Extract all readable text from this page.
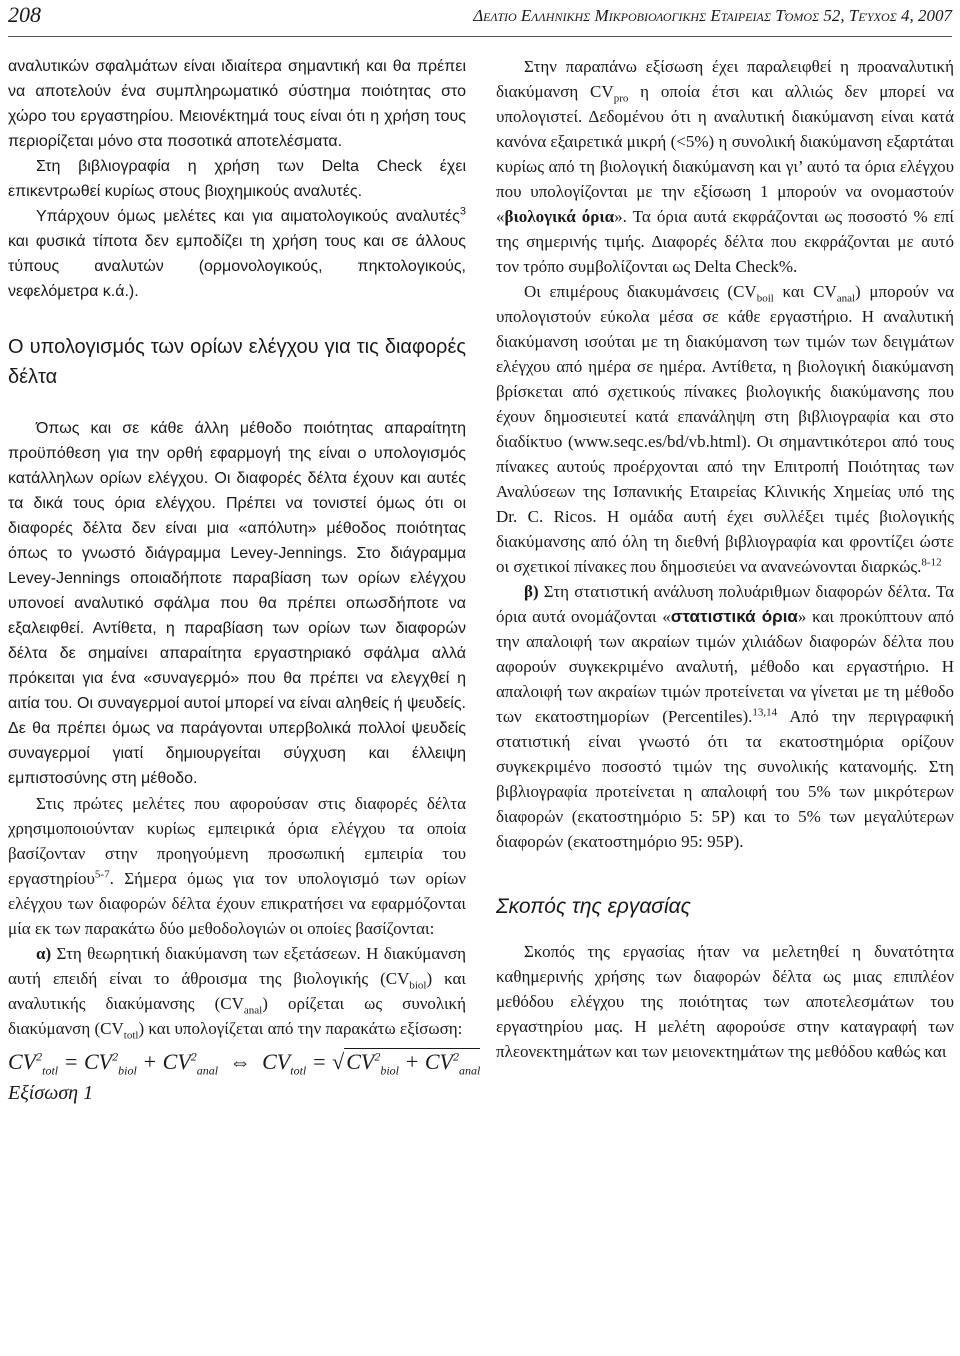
208	Δελτιο Ελληνικης Μικροβιολογικης Εταιρειας Τόμος 52, Τεύχος 4, 2007

αναλυτικών σφαλμάτων είναι ιδιαίτερα σημαντική και θα πρέπει να αποτελούν ένα συμπληρωματικό σύστημα ποιότητας στο χώρο του εργαστηρίου. Μειονέκτημά τους είναι ότι η χρήση τους περιορίζεται μόνο στα ποσοτικά αποτελέσματα.

Στη βιβλιογραφία η χρήση των Delta Check έχει επικεντρωθεί κυρίως στους βιοχημικούς αναλυτές.

Υπάρχουν όμως μελέτες και για αιματολογικούς αναλυτές$^3$ και φυσικά τίποτα δεν εμποδίζει τη χρήση τους και σε άλλους τύπους αναλυτών (ορμονολογικούς, πηκτολογικούς, νεφελόμετρα κ.ά.).

Ο υπολογισμός των ορίων ελέγχου για τις διαφορές δέλτα

Όπως και σε κάθε άλλη μέθοδο ποιότητας απαραίτητη προϋπόθεση για την ορθή εφαρμογή της είναι ο υπολογισμός κατάλληλων ορίων ελέγχου. Οι διαφορές δέλτα έχουν και αυτές τα δικά τους όρια ελέγχου. Πρέπει να τονιστεί όμως ότι οι διαφορές δέλτα δεν είναι μια «απόλυτη» μέθοδος ποιότητας όπως το γνωστό διάγραμμα Levey-Jennings. Στο διάγραμμα Levey-Jennings οποιαδήποτε παραβίαση των ορίων ελέγχου υπονοεί αναλυτικό σφάλμα που θα πρέπει οπωσδήποτε να εξαλειφθεί. Αντίθετα, η παραβίαση των ορίων των διαφορών δέλτα δε σημαίνει απαραίτητα εργαστηριακό σφάλμα αλλά πρόκειται για ένα «συναγερμό» που θα πρέπει να ελεγχθεί η αιτία του. Οι συναγερμοί αυτοί μπορεί να είναι αληθείς ή ψευδείς. Δε θα πρέπει όμως να παράγονται υπερβολικά πολλοί ψευδείς συναγερμοί γιατί δημιουργείται σύγχυση και έλλειψη εμπιστοσύνης στη μέθοδο.

Στις πρώτες μελέτες που αφορούσαν στις διαφορές δέλτα χρησιμοποιούνταν κυρίως εμπειρικά όρια ελέγχου τα οποία βασίζονταν στην προηγούμενη προσωπική εμπειρία του εργαστηρίου$^{5-7}$. Σήμερα όμως για τον υπολογισμό των ορίων ελέγχου των διαφορών δέλτα έχουν επικρατήσει να εφαρμόζονται μία εκ των παρακάτω δύο μεθοδολογιών οι οποίες βασίζονται:

α) Στη θεωρητική διακύμανση των εξετάσεων. Η διακύμανση αυτή επειδή είναι το άθροισμα της βιολογικής $(CV_{biol})$ και αναλυτικής διακύμανσης $(CV_{anal})$ ορίζεται ως συνολική διακύμανση $(CV_{totl})$ και υπολογίζεται από την παρακάτω εξίσωση:

$CV^2_{totl} = CV^2_{biol} + CV^2_{anal}$ ⇔ $CV_{totl} = √CV^2_{biol} + CV^2_{anal}$
Εξίσωση 1

Στην παραπάνω εξίσωση έχει παραλειφθεί η προαναλυτική διακύμανση $CV_{pro}$ η οποία έτσι και αλλιώς δεν μπορεί να υπολογιστεί. Δεδομένου ότι η αναλυτική διακύμανση είναι κατά κανόνα εξαιρετικά μικρή (<5%) η συνολική διακύμανση εξαρτάται κυρίως από τη βιολογική διακύμανση και γι’ αυτό τα όρια ελέγχου που υπολογίζονται με την εξίσωση 1 μπορούν να ονομαστούν «βιολογικά όρια». Τα όρια αυτά εκφράζονται ως ποσοστό % επί της σημερινής τιμής. Διαφορές δέλτα που εκφράζονται με αυτό τον τρόπο συμβολίζονται ως Delta Check%.

Οι επιμέρους διακυμάνσεις ($CV_{boil}$ και $CV_{anal}$) μπορούν να υπολογιστούν εύκολα μέσα σε κάθε εργαστήριο. Η αναλυτική διακύμανση ισούται με τη διακύμανση των τιμών των δειγμάτων ελέγχου από ημέρα σε ημέρα. Αντίθετα, η βιολογική διακύμανση βρίσκεται από σχετικούς πίνακες βιολογικής διακύμανσης που έχουν δημοσιευτεί κατά επανάληψη στη βιβλιογραφία και στο διαδίκτυο (www.seqc.es/bd/vb.html). Οι σημαντικότεροι από τους πίνακες αυτούς προέρχονται από την Επιτροπή Ποιότητας των Αναλύσεων της Ισπανικής Εταιρείας Κλινικής Χημείας υπό της Dr. C. Ricos. Η ομάδα αυτή έχει συλλέξει τιμές βιολογικής διακύμανσης από όλη τη διεθνή βιβλιογραφία και φροντίζει ώστε οι σχετικοί πίνακες που δημοσιεύει να ανανεώνονται διαρκώς.$^{8-12}$

β) Στη στατιστική ανάλυση πολυάριθμων διαφορών δέλτα. Τα όρια αυτά ονομάζονται «στατιστικά όρια» και προκύπτουν από την απαλοιφή των ακραίων τιμών χιλιάδων διαφορών δέλτα που αφορούν συγκεκριμένο αναλυτή, μέθοδο και εργαστήριο. Η απαλοιφή των ακραίων τιμών προτείνεται να γίνεται με τη μέθοδο των εκατοστημορίων (Percentiles).$^{13,14}$ Από την περιγραφική στατιστική είναι γνωστό ότι τα εκατοστημόρια ορίζουν συγκεκριμένο ποσοστό τιμών της συνολικής κατανομής. Στη βιβλιογραφία προτείνεται η απαλοιφή του 5% των μικρότερων διαφορών (εκατοστημόριο 5: 5P) και το 5% των μεγαλύτερων διαφορών (εκατοστημόριο 95: 95P).

Σκοπός της εργασίας

Σκοπός της εργασίας ήταν να μελετηθεί η δυνατότητα καθημερινής χρήσης των διαφορών δέλτα ως μιας επιπλέον μεθόδου ελέγχου της ποιότητας των αποτελεσμάτων του εργαστηρίου μας. Η μελέτη αφορούσε στην καταγραφή των πλεονεκτημάτων και των μειονεκτημάτων της μεθόδου καθώς και
